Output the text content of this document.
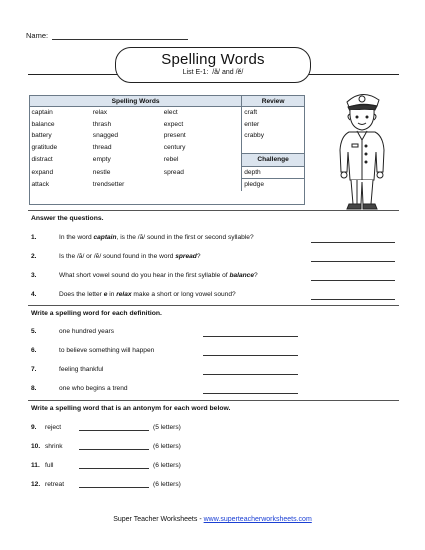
Name:
Spelling Words
List E-1: /ă/ and /ĕ/
Spelling Words			Review
captain	relax	elect	craft
balance	thrash	expect	enter
battery	snagged	present	crabby
gratitude	thread	century	
distract	empty	rebel	Challenge
expand	nestle	spread	depth
attack	trendsetter		pledge
Answer the questions.
1.	In the word captain, is the /ă/ sound in the first or second syllable?
2.	Is the /ă/ or /ĕ/ sound found in the word spread?
3.	What short vowel sound do you hear in the first syllable of balance?
4.	Does the letter e in relax make a short or long vowel sound?
Write a spelling word for each definition.
5.	one hundred years
6.	to believe something will happen
7.	feeling thankful
8.	one who begins a trend
Write a spelling word that is an antonym for each word below.
9. reject	(5 letters)
10. shrink	(6 letters)
11. full	(6 letters)
12. retreat	(6 letters)
Super Teacher Worksheets - www.superteacherworksheets.com
